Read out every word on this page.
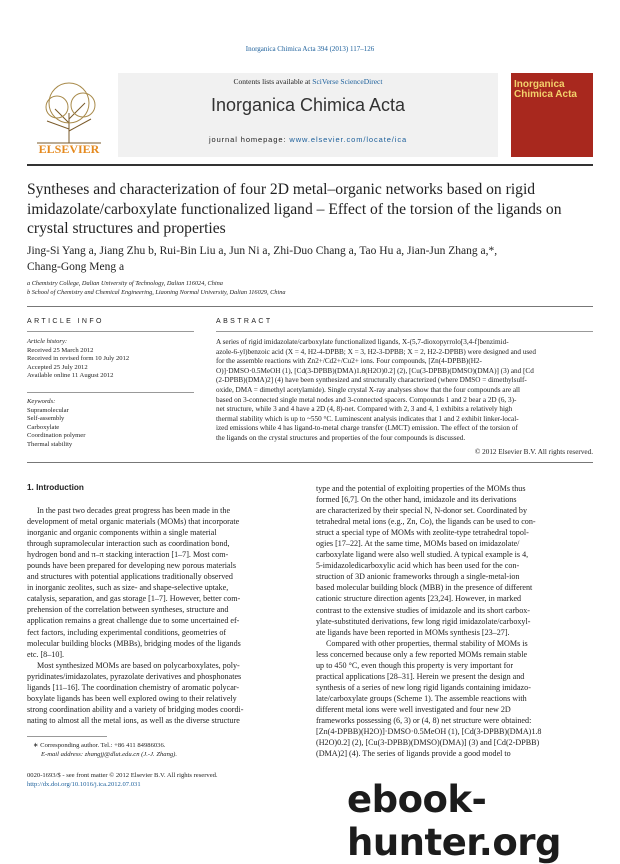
Inorganica Chimica Acta 394 (2013) 117–126
Contents lists available at SciVerse ScienceDirect
Inorganica Chimica Acta
journal homepage: www.elsevier.com/locate/ica
ELSEVIER
Inorganica Chimica Acta
Syntheses and characterization of four 2D metal–organic networks based on rigid imidazolate/carboxylate functionalized ligand – Effect of the torsion of the ligands on crystal structures and properties
Jing-Si Yang a, Jiang Zhu b, Rui-Bin Liu a, Jun Ni a, Zhi-Duo Chang a, Tao Hu a, Jian-Jun Zhang a,*,
Chang-Gong Meng a
a Chemistry College, Dalian University of Technology, Dalian 116024, China
b School of Chemistry and Chemical Engineering, Liaoning Normal University, Dalian 116029, China
ARTICLE INFO	ABSTRACT
Article history:
Received 25 March 2012
Received in revised form 10 July 2012
Accepted 25 July 2012
Available online 11 August 2012
Keywords:
Supramolecular
Self-assembly
Carboxylate
Coordination polymer
Thermal stability
A series of rigid imidazolate/carboxylate functionalized ligands, X-(5,7-dioxopyrrolo[3,4-f]benzimid-
azole-6-yl)benzoic acid (X = 4, H2-4-DPBB; X = 3, H2-3-DPBB; X = 2, H2-2-DPBB) were designed and used
for the assemble reactions with Zn2+/Cd2+/Cu2+ ions. Four compounds, [Zn(4-DPBB)(H2-
O)]·DMSO·0.5MeOH (1), [Cd(3-DPBB)(DMA)1.8(H2O)0.2] (2), [Cu(3-DPBB)(DMSO)(DMA)] (3) and [Cd
(2-DPBB)(DMA)2] (4) have been synthesized and structurally characterized (where DMSO = dimethylsulf-
oxide, DMA = dimethyl acetylamide). Single crystal X-ray analyses show that the four compounds are all
based on 3-connected single metal nodes and 3-connected spacers. Compounds 1 and 2 bear a 2D (6, 3)-
net structure, while 3 and 4 have a 2D (4, 8)-net. Compared with 2, 3 and 4, 1 exhibits a relatively high
thermal stability which is up to ~550 °C. Luminescent analysis indicates that 1 and 2 exhibit linker-local-
ized emissions while 4 has ligand-to-metal charge transfer (LMCT) emission. The effect of the torsion of
the ligands on the crystal structures and properties of the four compounds is discussed.
© 2012 Elsevier B.V. All rights reserved.
1. Introduction

In the past two decades great progress has been made in the

development of metal organic materials (MOMs) that incorporate

inorganic and organic components within a single material

through supramolecular interaction such as coordination bond,

hydrogen bond and π–π stacking interaction [1–7]. Most com-

pounds have been prepared for developing new porous materials

and structures with potential applications traditionally observed

in inorganic zeolites, such as size- and shape-selective uptake,

catalysis, separation, and gas storage [1–7]. However, better com-

prehension of the correlation between syntheses, structure and

application remains a great challenge due to some uncertained ef-

fect factors, including experimental conditions, geometries of

molecular building blocks (MBBs), bridging modes of the ligands

etc. [8–10].

Most synthesized MOMs are based on polycarboxylates, poly-

pyridinates/imidazolates, pyrazolate derivatives and phosphonates

ligands [11–16]. The coordination chemistry of aromatic polycar-

boxylate ligands has been well explored owing to their relatively

strong coordination ability and a variety of bridging modes coordi-

nating to almost all the metal ions, as well as the diverse structure

type and the potential of exploiting properties of the MOMs thus

formed [6,7]. On the other hand, imidazole and its derivations

are characterized by their special N, N-donor set. Coordinated by

tetrahedral metal ions (e.g., Zn, Co), the ligands can be used to con-

struct a special type of MOMs with zeolite-type tetrahedral topol-

ogies [17–22]. At the same time, MOMs based on imidazolate/

carboxylate ligand were also well studied. A typical example is 4,

5-imidazoledicarboxylic acid which has been used for the con-

struction of 3D anionic frameworks through a single-metal-ion

based molecular building block (MBB) in the presence of different

cationic structure direction agents [23,24]. However, in marked

contrast to the extensive studies of imidazole and its short carbox-

ylate-substituted derivations, few long rigid imidazolate/carboxyl-

ate ligands have been reported in MOMs synthesis [23–27].

Compared with other properties, thermal stability of MOMs is

less concerned because only a few reported MOMs remain stable

up to 450 °C, even though this property is very important for

practical applications [28–31]. Herein we present the design and

synthesis of a series of new long rigid ligands containing imidazo-

late/carboxylate groups (Scheme 1). The assemble reactions with

different metal ions were well investigated and four new 2D

frameworks possessing (6, 3) or (4, 8) net structure were obtained:

[Zn(4-DPBB)(H2O)]·DMSO·0.5MeOH (1), [Cd(3-DPBB)(DMA)1.8

(H2O)0.2] (2), [Cu(3-DPBB)(DMSO)(DMA)] (3) and [Cd(2-DPBB)

(DMA)2] (4). The series of ligands provide a good model to

∗ Corresponding author. Tel.: +86 411 84986036.
E-mail address: zhangjj@dlut.edu.cn (J.-J. Zhang).
0020-1693/$ - see front matter © 2012 Elsevier B.V. All rights reserved.
http://dx.doi.org/10.1016/j.ica.2012.07.031	ebook-hunter.org
